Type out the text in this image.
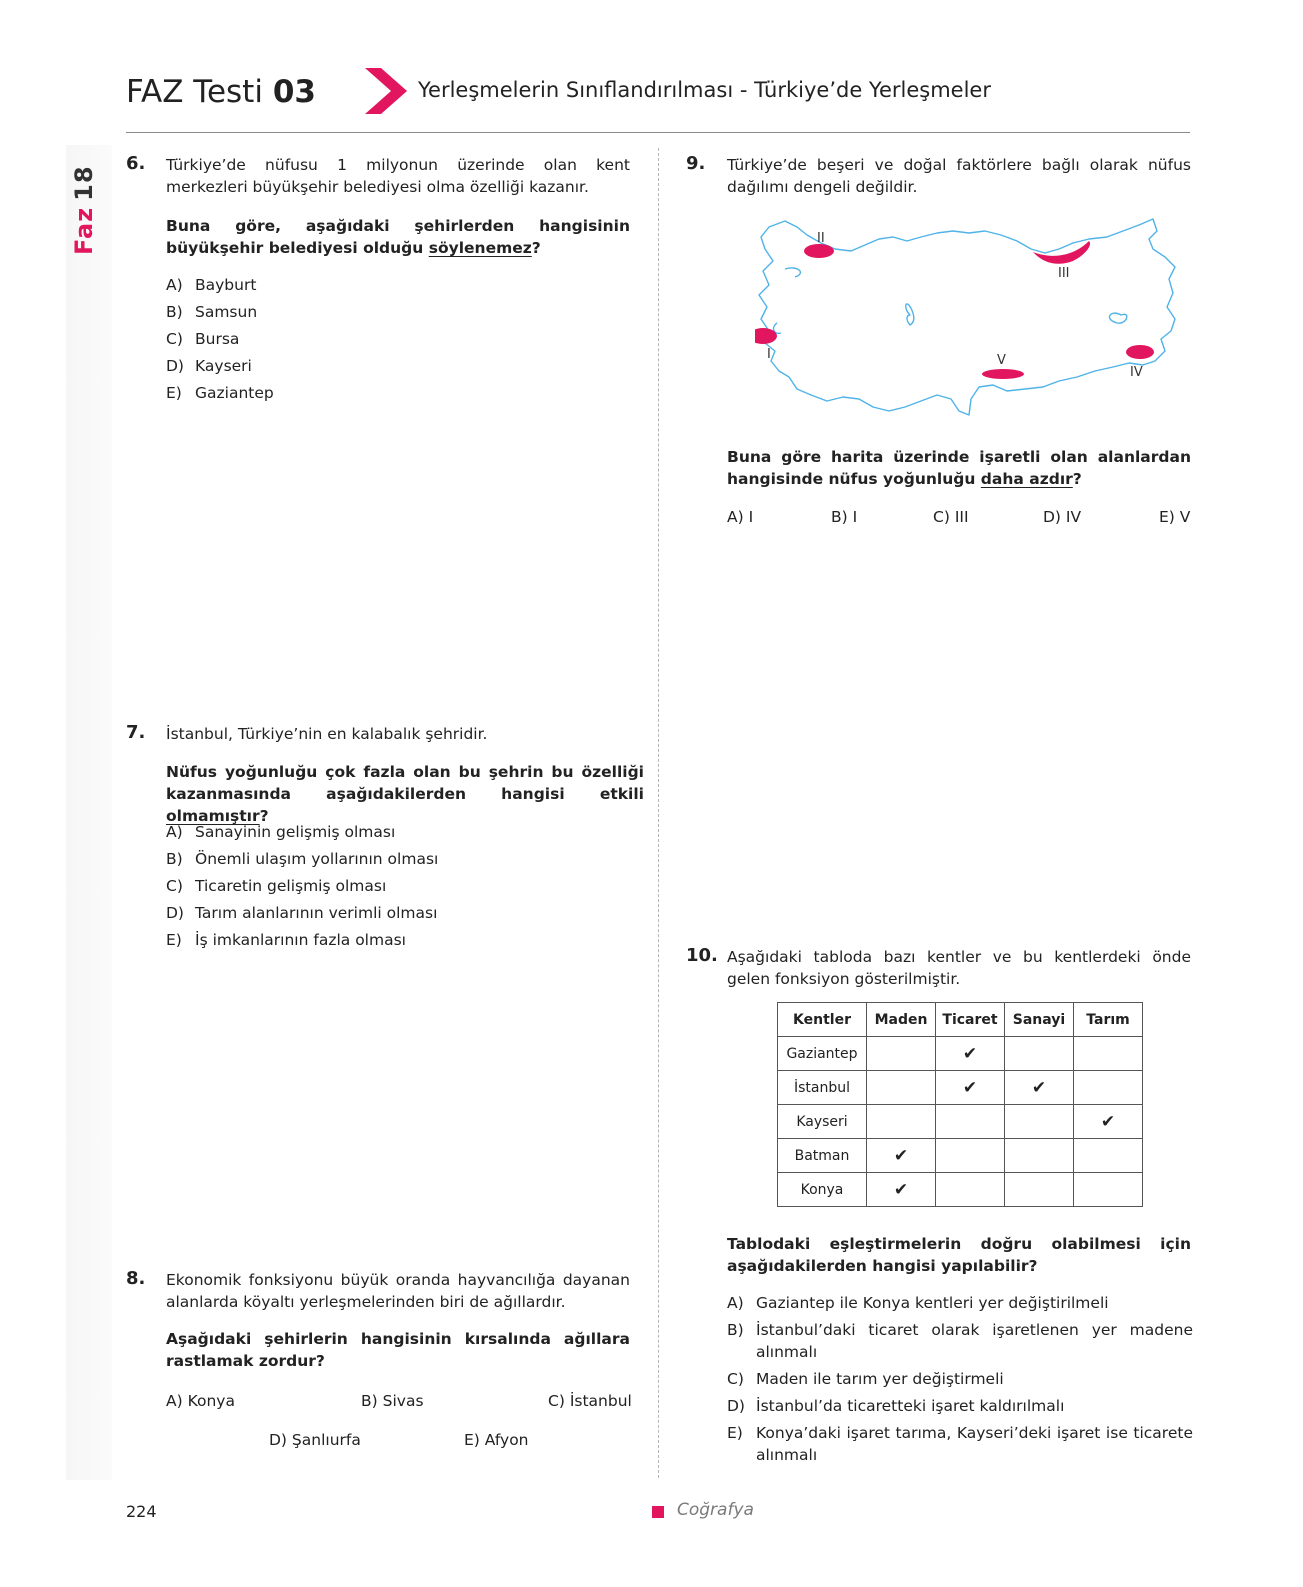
FAZ Testi 03	Yerleşmelerin Sınıflandırılması - Türkiye’de Yerleşmeler
Faz18
6. Türkiye’de nüfusu 1 milyonun üzerinde olan kent merkezleri büyükşehir belediyesi olma özelliği kazanır.
Buna göre, aşağıdaki şehirlerden hangisinin büyükşehir belediyesi olduğu söylenemez?
A) Bayburt
B) Samsun
C) Bursa
D) Kayseri
E) Gaziantep
7. İstanbul, Türkiye’nin en kalabalık şehridir.
Nüfus yoğunluğu çok fazla olan bu şehrin bu özelliği kazanmasında aşağıdakilerden hangisi etkili olmamıştır?
A) Sanayinin gelişmiş olması
B) Önemli ulaşım yollarının olması
C) Ticaretin gelişmiş olması
D) Tarım alanlarının verimli olması
E) İş imkanlarının fazla olması
8. Ekonomik fonksiyonu büyük oranda hayvancılığa dayanan alanlarda köyaltı yerleşmelerinden biri de ağıllardır.
Aşağıdaki şehirlerin hangisinin kırsalında ağıllara rastlamak zordur?
A) Konya	B) Sivas	C) İstanbul
D) Şanlıurfa	E) Afyon
9. Türkiye’de beşeri ve doğal faktörlere bağlı olarak nüfus dağılımı dengeli değildir.
I
II
III
IV
V
Buna göre harita üzerinde işaretli olan alanlardan hangisinde nüfus yoğunluğu daha azdır?
A) I	B) I	C) III	D) IV	E) V
10. Aşağıdaki tabloda bazı kentler ve bu kentlerdeki önde gelen fonksiyon gösterilmiştir.
Kentler	Maden	Ticaret	Sanayi	Tarım
Gaziantep		✔		
İstanbul		✔	✔	
Kayseri				✔
Batman	✔			
Konya	✔			
Tablodaki eşleştirmelerin doğru olabilmesi için aşağıdakilerden hangisi yapılabilir?
A) Gaziantep ile Konya kentleri yer değiştirilmeli
B) İstanbul’daki ticaret olarak işaretlenen yer madene alınmalı
C) Maden ile tarım yer değiştirmeli
D) İstanbul’da ticaretteki işaret kaldırılmalı
E) Konya’daki işaret tarıma, Kayseri’deki işaret ise ticarete alınmalı
224	Coğrafya
